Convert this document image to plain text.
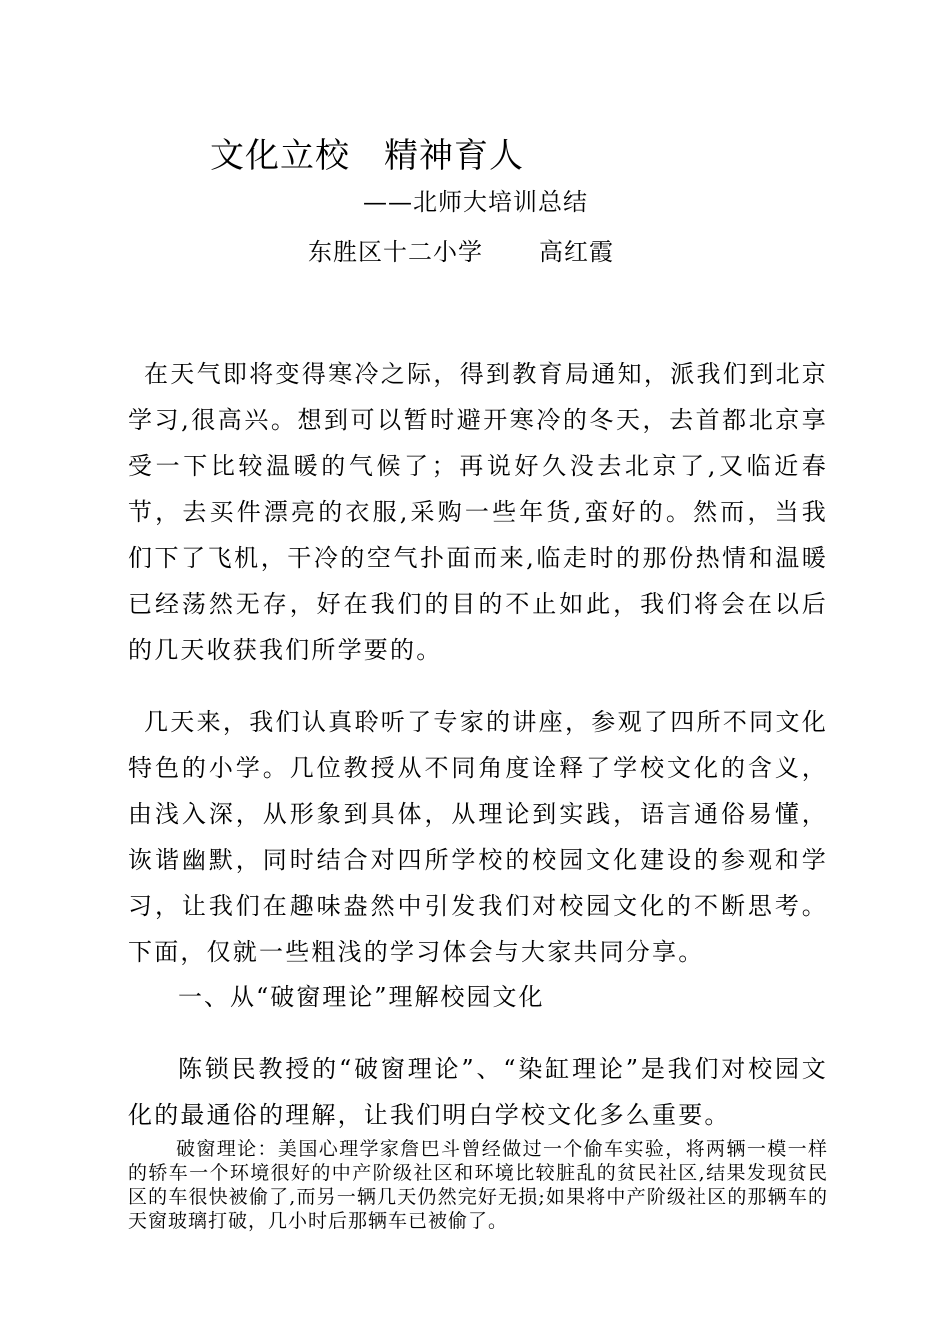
文化立校 精神育人
——北师大培训总结
东胜区十二小学 高红霞

在天气即将变得寒冷之际，得到教育局通知，派我们到北京学习,很高兴。想到可以暂时避开寒冷的冬天，去首都北京享受一下比较温暖的气候了；再说好久没去北京了,又临近春节，去买件漂亮的衣服,采购一些年货,蛮好的。然而，当我们下了飞机，干冷的空气扑面而来,临走时的那份热情和温暖已经荡然无存，好在我们的目的不止如此，我们将会在以后的几天收获我们所学要的。

几天来，我们认真聆听了专家的讲座，参观了四所不同文化特色的小学。几位教授从不同角度诠释了学校文化的含义，由浅入深，从形象到具体，从理论到实践，语言通俗易懂，诙谐幽默，同时结合对四所学校的校园文化建设的参观和学习，让我们在趣味盎然中引发我们对校园文化的不断思考。下面，仅就一些粗浅的学习体会与大家共同分享。

一、从“破窗理论”理解校园文化

陈锁民教授的“破窗理论”、“染缸理论”是我们对校园文化的最通俗的理解，让我们明白学校文化多么重要。

破窗理论：美国心理学家詹巴斗曾经做过一个偷车实验，将两辆一模一样的轿车一个环境很好的中产阶级社区和环境比较脏乱的贫民社区,结果发现贫民区的车很快被偷了,而另一辆几天仍然完好无损;如果将中产阶级社区的那辆车的天窗玻璃打破，几小时后那辆车已被偷了。
